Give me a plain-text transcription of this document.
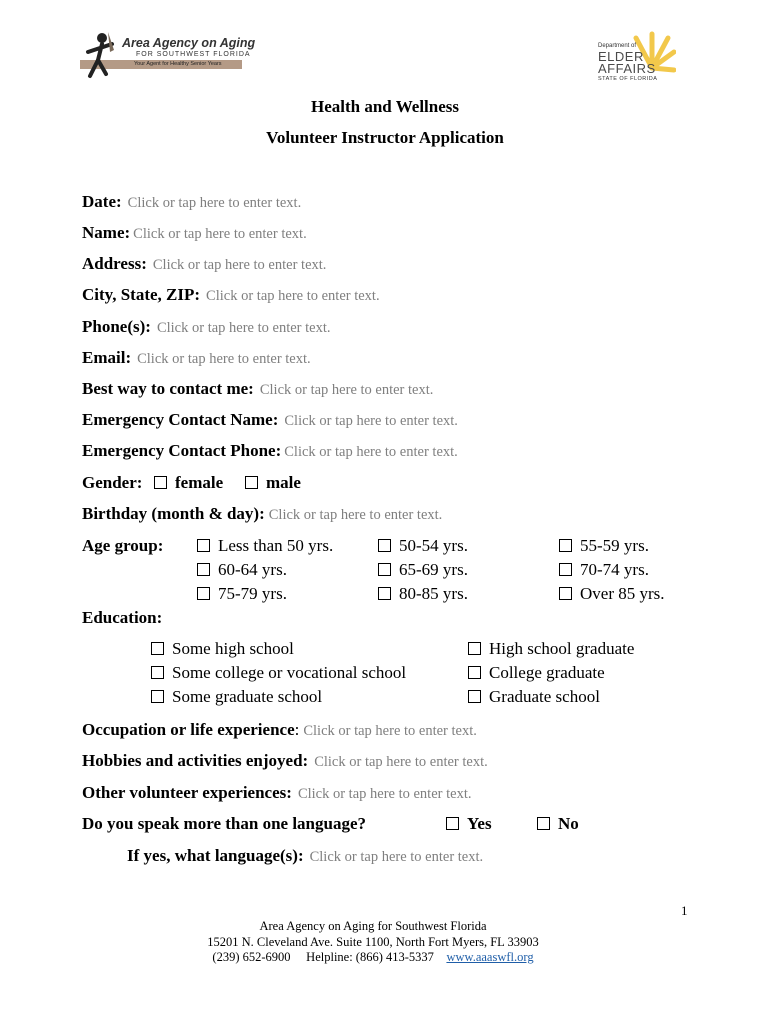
Area Agency on Aging
FOR SOUTHWEST FLORIDA
Your Agent for Healthy Senior Years
Department of
ELDER
AFFAIRS
STATE OF FLORIDA
Health and Wellness
Volunteer Instructor Application
Date: Click or tap here to enter text.
Name: Click or tap here to enter text.
Address: Click or tap here to enter text.
City, State, ZIP: Click or tap here to enter text.
Phone(s): Click or tap here to enter text.
Email: Click or tap here to enter text.
Best way to contact me: Click or tap here to enter text.
Emergency Contact Name: Click or tap here to enter text.
Emergency Contact Phone: Click or tap here to enter text.
Gender:	female	male
Birthday (month & day): Click or tap here to enter text.
Age group:	Less than 50 yrs.	50-54 yrs.	55-59 yrs.
60-64 yrs.	65-69 yrs.	70-74 yrs.
75-79 yrs.	80-85 yrs.	Over 85 yrs.
Education:
Some high school	High school graduate
Some college or vocational school	College graduate
Some graduate school	Graduate school
Occupation or life experience: Click or tap here to enter text.
Hobbies and activities enjoyed: Click or tap here to enter text.
Other volunteer experiences: Click or tap here to enter text.
Do you speak more than one language?	Yes	No
If yes, what language(s): Click or tap here to enter text.
1
Area Agency on Aging for Southwest Florida
15201 N. Cleveland Ave. Suite 1100, North Fort Myers, FL 33903
(239) 652-6900 Helpline: (866) 413-5337 www.aaaswfl.org
